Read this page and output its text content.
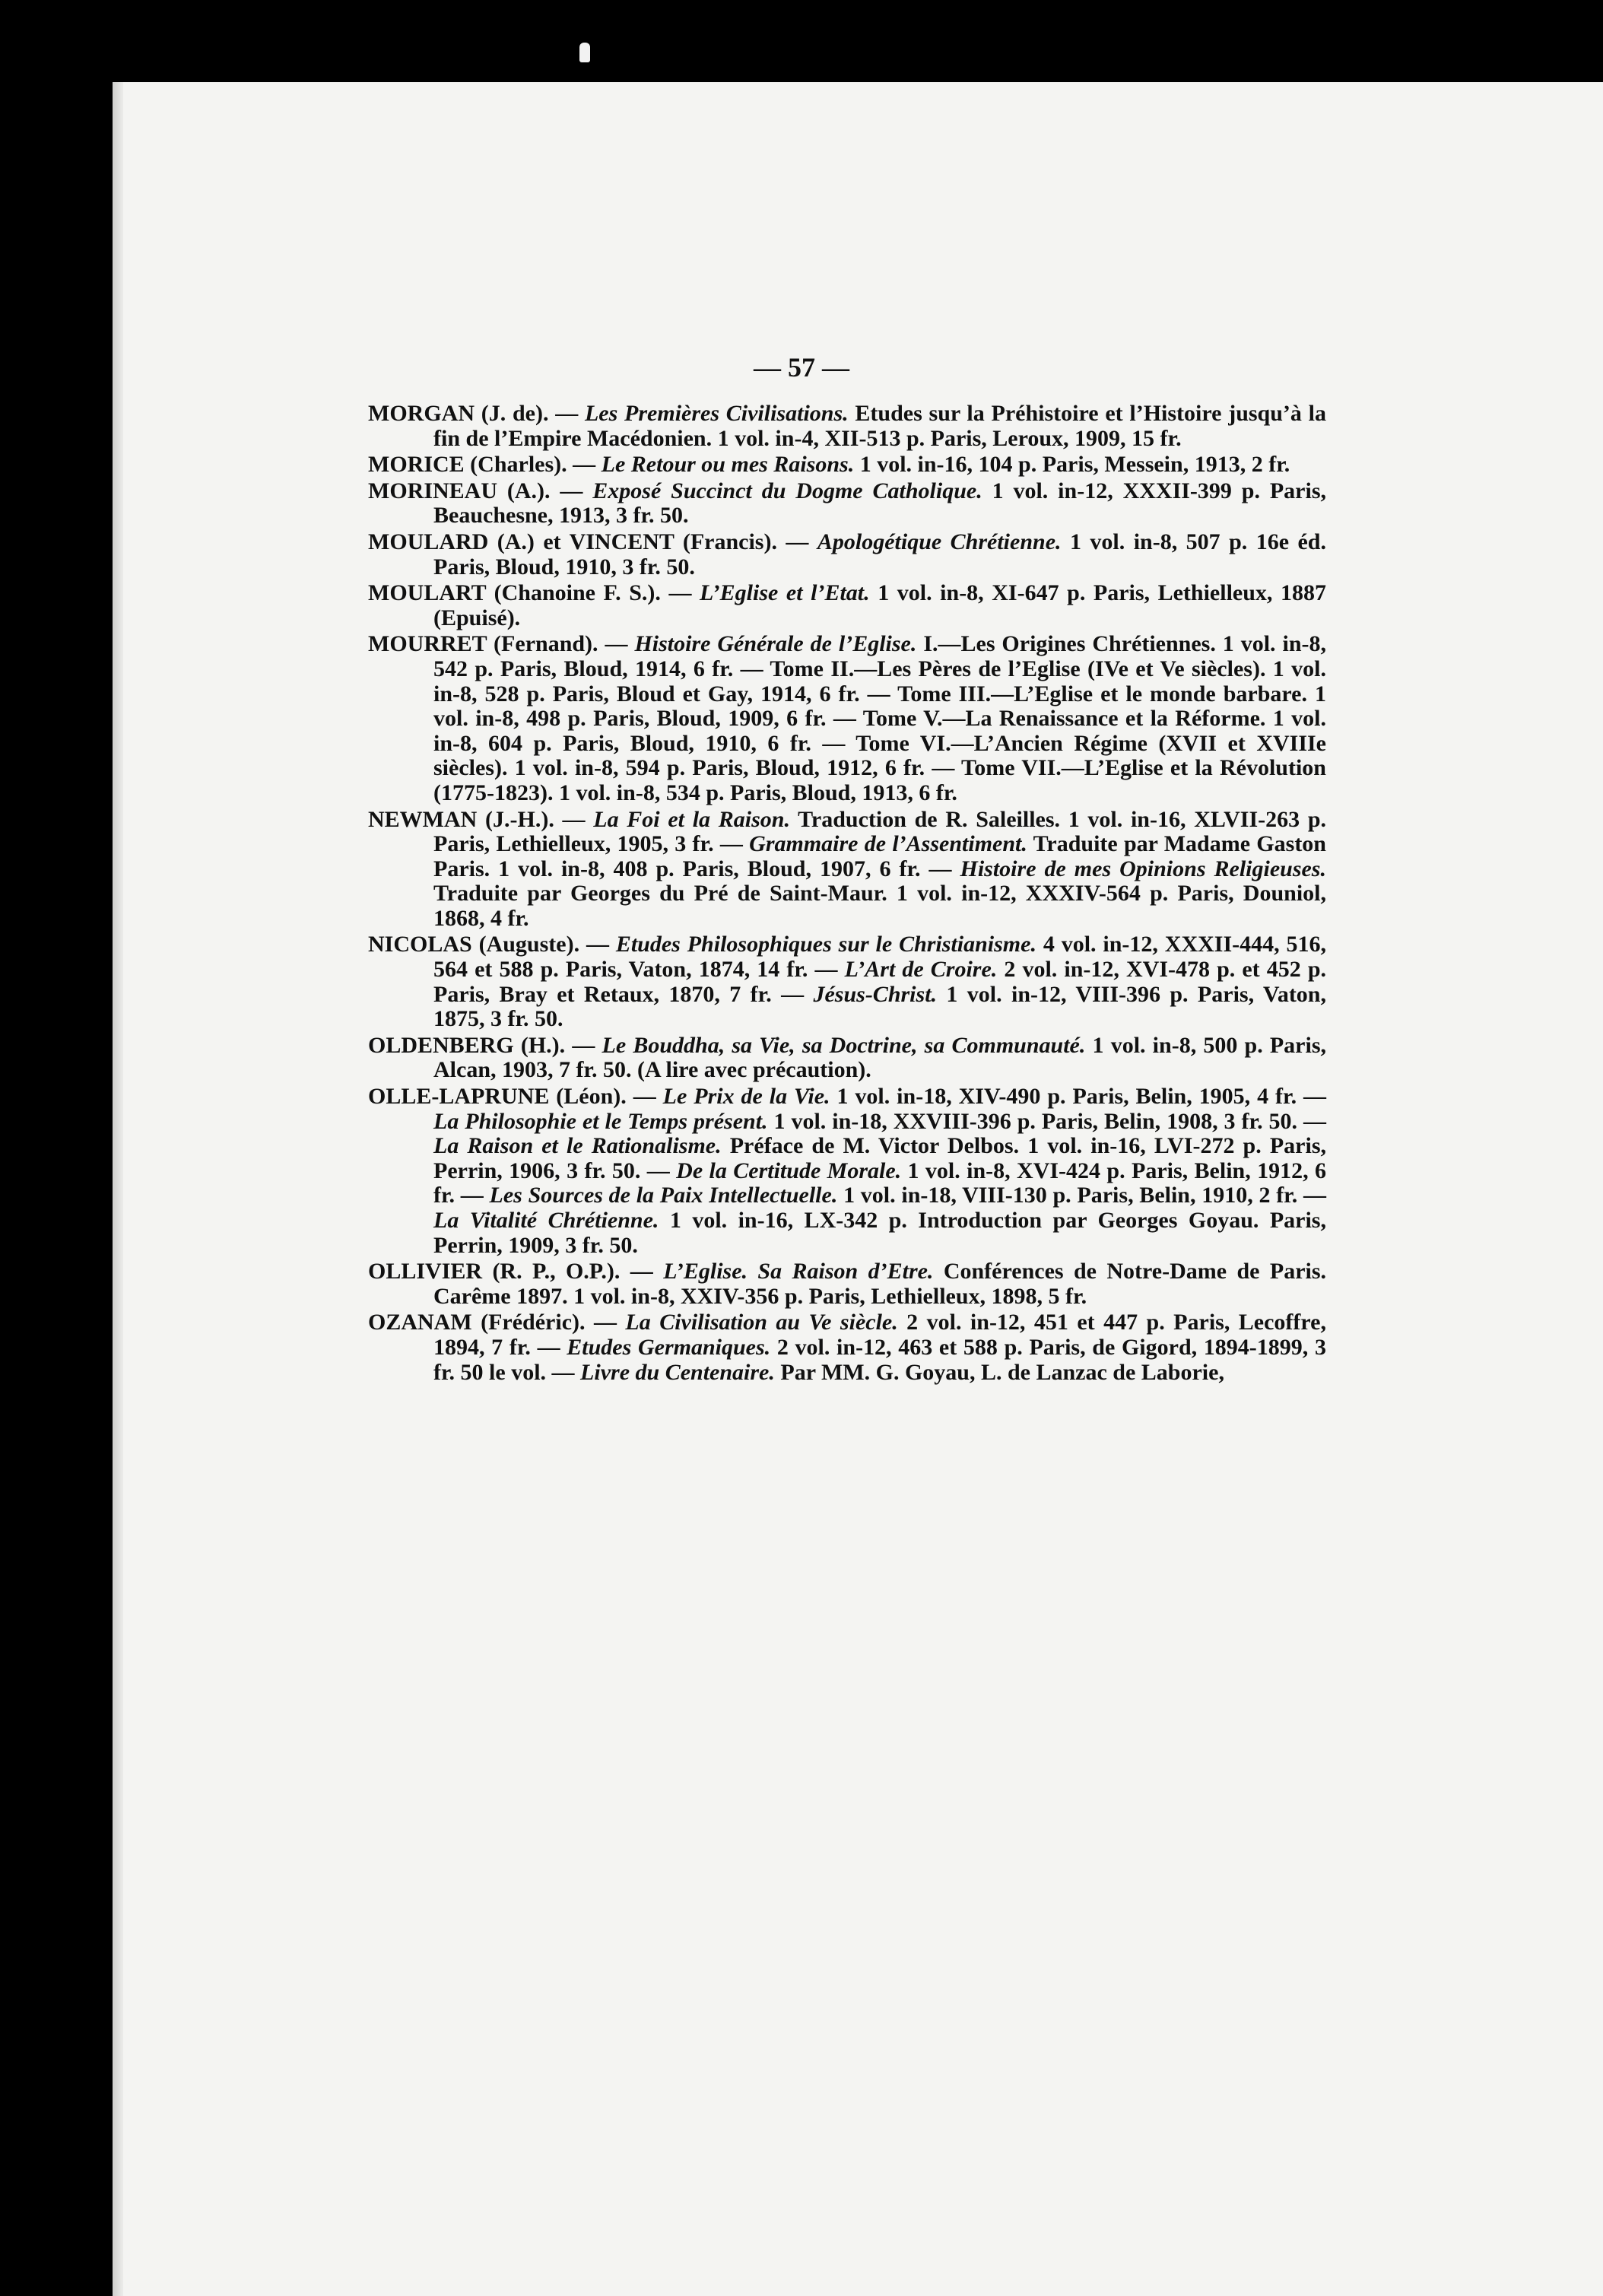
— 57 —

MORGAN (J. de). — Les Premières Civilisations. Etudes sur la Préhistoire et l’Histoire jusqu’à la fin de l’Empire Macédonien. 1 vol. in-4, XII-513 p. Paris, Leroux, 1909, 15 fr.

MORICE (Charles). — Le Retour ou mes Raisons. 1 vol. in-16, 104 p. Paris, Messein, 1913, 2 fr.

MORINEAU (A.). — Exposé Succinct du Dogme Catholique. 1 vol. in-12, XXXII-399 p. Paris, Beauchesne, 1913, 3 fr. 50.

MOULARD (A.) et VINCENT (Francis). — Apologétique Chrétienne. 1 vol. in-8, 507 p. 16e éd. Paris, Bloud, 1910, 3 fr. 50.

MOULART (Chanoine F. S.). — L’Eglise et l’Etat. 1 vol. in-8, XI-647 p. Paris, Lethielleux, 1887 (Epuisé).

MOURRET (Fernand). — Histoire Générale de l’Eglise. I.—Les Origines Chrétiennes. 1 vol. in-8, 542 p. Paris, Bloud, 1914, 6 fr. — Tome II.—Les Pères de l’Eglise (IVe et Ve siècles). 1 vol. in-8, 528 p. Paris, Bloud et Gay, 1914, 6 fr. — Tome III.—L’Eglise et le monde barbare. 1 vol. in-8, 498 p. Paris, Bloud, 1909, 6 fr. — Tome V.—La Renaissance et la Réforme. 1 vol. in-8, 604 p. Paris, Bloud, 1910, 6 fr. — Tome VI.—L’Ancien Régime (XVII et XVIIIe siècles). 1 vol. in-8, 594 p. Paris, Bloud, 1912, 6 fr. — Tome VII.—L’Eglise et la Révolution (1775-1823). 1 vol. in-8, 534 p. Paris, Bloud, 1913, 6 fr.

NEWMAN (J.-H.). — La Foi et la Raison. Traduction de R. Saleilles. 1 vol. in-16, XLVII-263 p. Paris, Lethielleux, 1905, 3 fr. — Grammaire de l’Assentiment. Traduite par Madame Gaston Paris. 1 vol. in-8, 408 p. Paris, Bloud, 1907, 6 fr. — Histoire de mes Opinions Religieuses. Traduite par Georges du Pré de Saint-Maur. 1 vol. in-12, XXXIV-564 p. Paris, Douniol, 1868, 4 fr.

NICOLAS (Auguste). — Etudes Philosophiques sur le Christianisme. 4 vol. in-12, XXXII-444, 516, 564 et 588 p. Paris, Vaton, 1874, 14 fr. — L’Art de Croire. 2 vol. in-12, XVI-478 p. et 452 p. Paris, Bray et Retaux, 1870, 7 fr. — Jésus-Christ. 1 vol. in-12, VIII-396 p. Paris, Vaton, 1875, 3 fr. 50.

OLDENBERG (H.). — Le Bouddha, sa Vie, sa Doctrine, sa Communauté. 1 vol. in-8, 500 p. Paris, Alcan, 1903, 7 fr. 50. (A lire avec précaution).

OLLE-LAPRUNE (Léon). — Le Prix de la Vie. 1 vol. in-18, XIV-490 p. Paris, Belin, 1905, 4 fr. — La Philosophie et le Temps présent. 1 vol. in-18, XXVIII-396 p. Paris, Belin, 1908, 3 fr. 50. — La Raison et le Rationalisme. Préface de M. Victor Delbos. 1 vol. in-16, LVI-272 p. Paris, Perrin, 1906, 3 fr. 50. — De la Certitude Morale. 1 vol. in-8, XVI-424 p. Paris, Belin, 1912, 6 fr. — Les Sources de la Paix Intellectuelle. 1 vol. in-18, VIII-130 p. Paris, Belin, 1910, 2 fr. — La Vitalité Chrétienne. 1 vol. in-16, LX-342 p. Introduction par Georges Goyau. Paris, Perrin, 1909, 3 fr. 50.

OLLIVIER (R. P., O.P.). — L’Eglise. Sa Raison d’Etre. Conférences de Notre-Dame de Paris. Carême 1897. 1 vol. in-8, XXIV-356 p. Paris, Lethielleux, 1898, 5 fr.

OZANAM (Frédéric). — La Civilisation au Ve siècle. 2 vol. in-12, 451 et 447 p. Paris, Lecoffre, 1894, 7 fr. — Etudes Germaniques. 2 vol. in-12, 463 et 588 p. Paris, de Gigord, 1894-1899, 3 fr. 50 le vol. — Livre du Centenaire. Par MM. G. Goyau, L. de Lanzac de Laborie,
